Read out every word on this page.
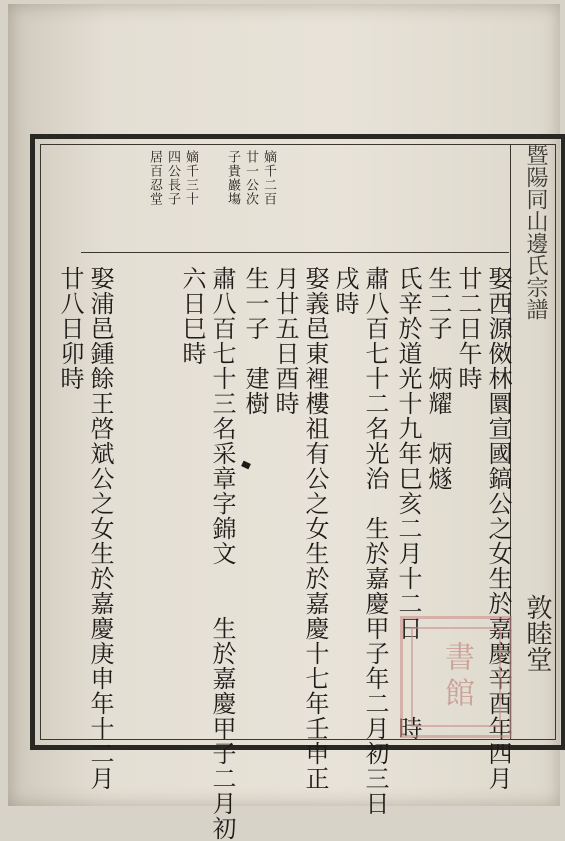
嫡千二百
廿一公次
子貴巖塲
嫡千三十
四公長子
居百忍堂	暨陽同山邊氏宗譜
娶西源傚林圜宣國鎬公之女生於嘉慶辛酉年四月
廿二日午時
生二子　炳耀　炳燧
氏辛於道光十九年巳亥二月十二日　　　時
肅八百七十二名光治　生於嘉慶甲子年二月初三日
戌時
娶義邑東裡樓祖有公之女生於嘉慶十七年壬申正
月廿五日酉時
生一子　建樹
肅八百七十三名采章字錦文　　生於嘉慶甲子二月初
六日巳時
娶浦邑鍾餘王啓斌公之女生於嘉慶庚申年十二月
廿八日卯時
書館
敦睦堂
